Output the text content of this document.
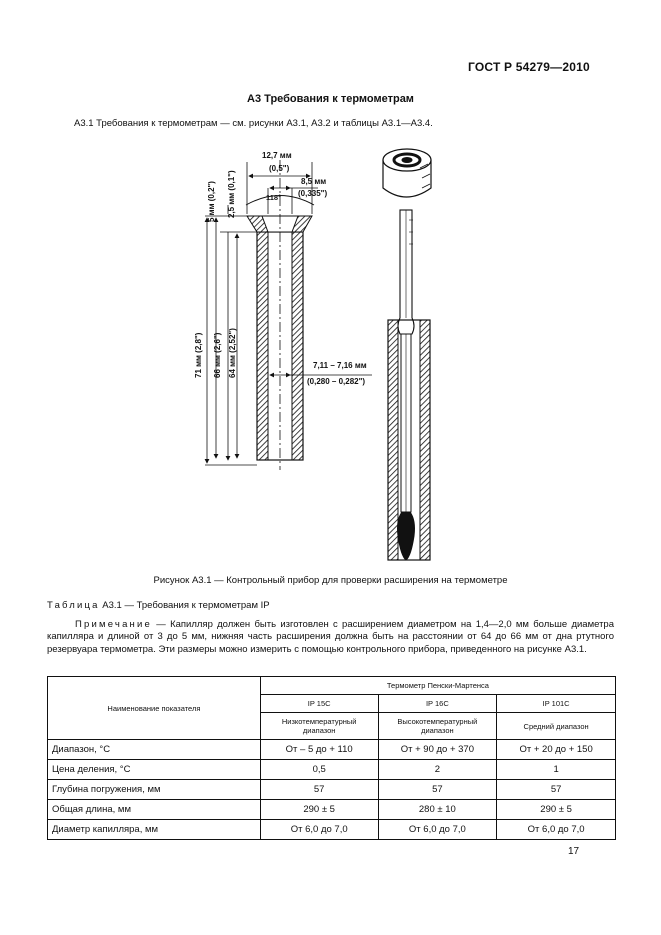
ГОСТ Р 54279—2010
А3 Требования к термометрам
А3.1 Требования к термометрам — см. рисунки А3.1, А3.2 и таблицы А3.1—А3.4.
12,7 мм
(0,5")
8,5 мм
(0,335")
118°
7,11 – 7,16 мм
(0,280 – 0,282")
5 мм (0,2") 2,5 мм (0,1")
71 мм (2,8") 66 мм (2,6") 64 мм (2,52")
Рисунок А3.1 — Контрольный прибор для проверки расширения на термометре
Таблица А3.1 — Требования к термометрам IP

Примечание — Капилляр должен быть изготовлен с расширением диаметром на 1,4—2,0 мм больше диаметра капилляра и длиной от 3 до 5 мм, нижняя часть расширения должна быть на расстоянии от 64 до 66 мм от дна ртутного резервуара термометра. Эти размеры можно измерить с помощью контрольного прибора, приведенного на рисунке А3.1.

Наименование показателя	Термометр Пенски-Мартенса		
	IP 15C	IP 16C	IP 101C
	Низкотемпературный диапазон	Высокотемпературный диапазон	Средний диапазон
Диапазон, °С	От – 5 до + 110	От + 90 до + 370	От + 20 до + 150
Цена деления, °С	0,5	2	1
Глубина погружения, мм	57	57	57
Общая длина, мм	290 ± 5	280 ± 10	290 ± 5
Диаметр капилляра, мм	От 6,0 до 7,0	От 6,0 до 7,0	От 6,0 до 7,0
17
